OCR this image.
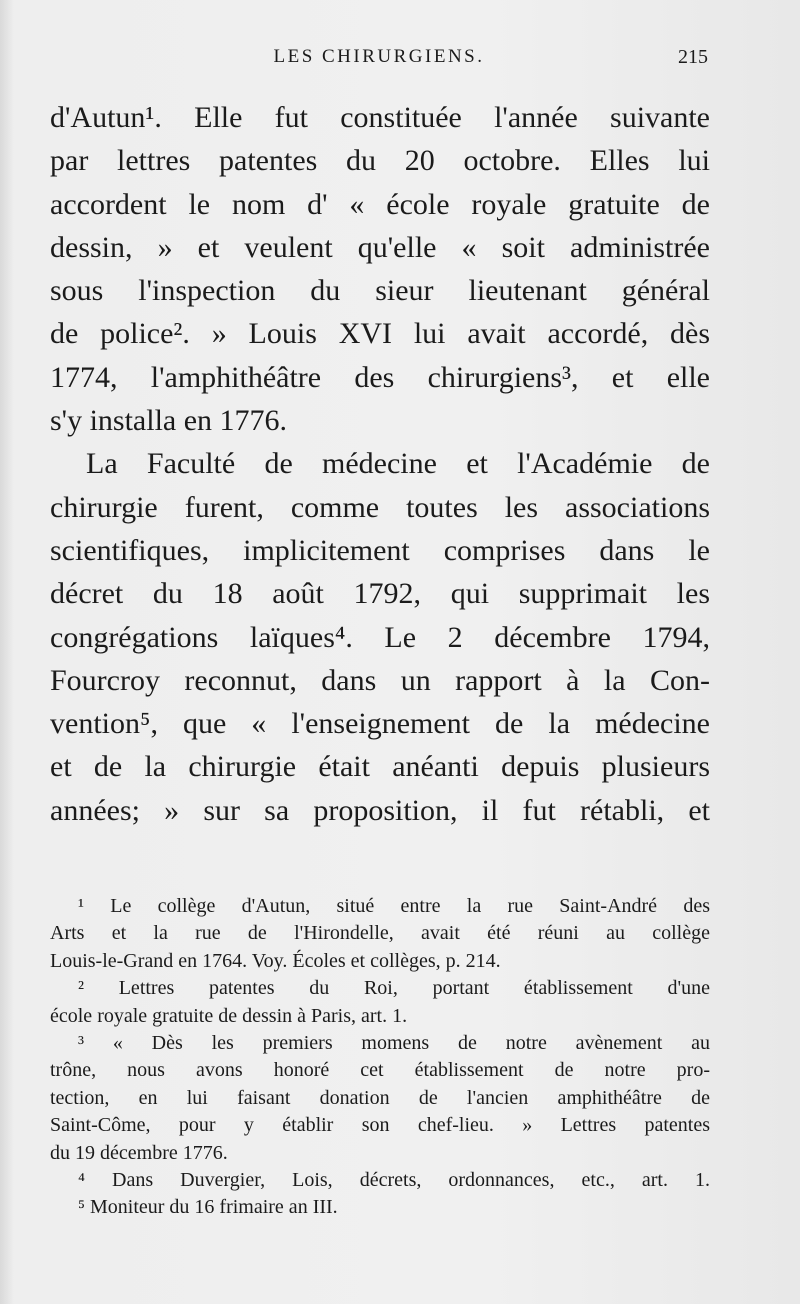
LES CHIRURGIENS.	215
d'Autun¹. Elle fut constituée l'année suivante
par lettres patentes du 20 octobre. Elles lui
accordent le nom d' « école royale gratuite de
dessin, » et veulent qu'elle « soit administrée
sous l'inspection du sieur lieutenant général
de police². » Louis XVI lui avait accordé, dès
1774, l'amphithéâtre des chirurgiens³, et elle
s'y installa en 1776.
La Faculté de médecine et l'Académie de
chirurgie furent, comme toutes les associations
scientifiques, implicitement comprises dans le
décret du 18 août 1792, qui supprimait les
congrégations laïques⁴. Le 2 décembre 1794,
Fourcroy reconnut, dans un rapport à la Con-
vention⁵, que « l'enseignement de la médecine
et de la chirurgie était anéanti depuis plusieurs
années; » sur sa proposition, il fut rétabli, et
¹ Le collège d'Autun, situé entre la rue Saint-André des
Arts et la rue de l'Hirondelle, avait été réuni au collège
Louis-le-Grand en 1764. Voy. Écoles et collèges, p. 214.
² Lettres patentes du Roi, portant établissement d'une
école royale gratuite de dessin à Paris, art. 1.
³ « Dès les premiers momens de notre avènement au
trône, nous avons honoré cet établissement de notre pro-
tection, en lui faisant donation de l'ancien amphithéâtre de
Saint-Côme, pour y établir son chef-lieu. » Lettres patentes
du 19 décembre 1776.
⁴ Dans Duvergier, Lois, décrets, ordonnances, etc., art. 1.
⁵ Moniteur du 16 frimaire an III.
